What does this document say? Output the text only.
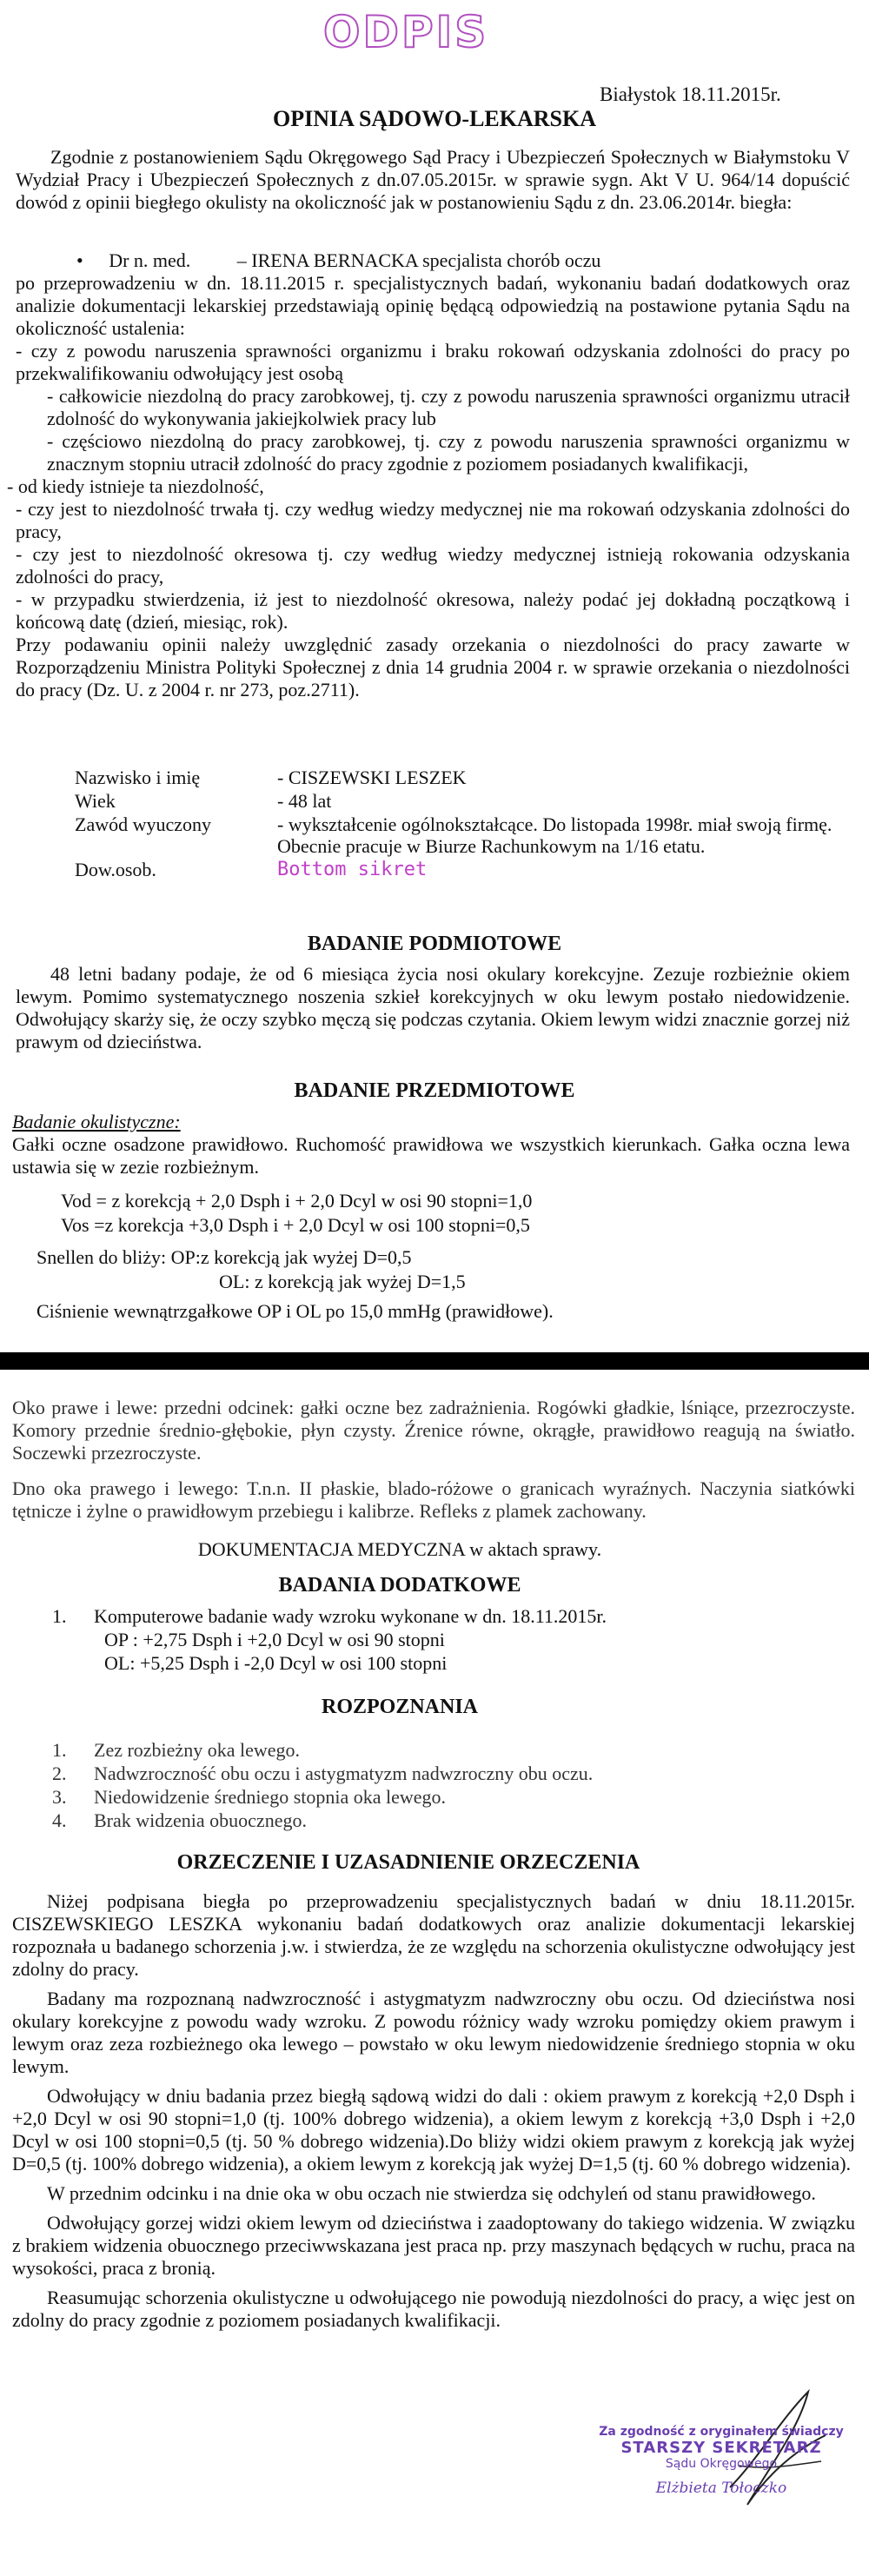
ODPIS
Białystok 18.11.2015r.
OPINIA SĄDOWO-LEKARSKA

Zgodnie z postanowieniem Sądu Okręgowego Sąd Pracy i Ubezpieczeń Społecznych w Białymstoku V Wydział Pracy i Ubezpieczeń Społecznych z dn.07.05.2015r. w sprawie sygn. Akt V U. 964/14 dopuścić dowód z opinii biegłego okulisty na okoliczność jak w postanowieniu Sądu z dn. 23.06.2014r. biegła:

• Dr n. med. – IRENA BERNACKA specjalista chorób oczu

po przeprowadzeniu w dn. 18.11.2015 r. specjalistycznych badań, wykonaniu badań dodatkowych oraz analizie dokumentacji lekarskiej przedstawiają opinię będącą odpowiedzią na postawione pytania Sądu na okoliczność ustalenia:

- czy z powodu naruszenia sprawności organizmu i braku rokowań odzyskania zdolności do pracy po przekwalifikowaniu odwołujący jest osobą

- całkowicie niezdolną do pracy zarobkowej, tj. czy z powodu naruszenia sprawności organizmu utracił zdolność do wykonywania jakiejkolwiek pracy lub

- częściowo niezdolną do pracy zarobkowej, tj. czy z powodu naruszenia sprawności organizmu w znacznym stopniu utracił zdolność do pracy zgodnie z poziomem posiadanych kwalifikacji,

- od kiedy istnieje ta niezdolność,

- czy jest to niezdolność trwała tj. czy według wiedzy medycznej nie ma rokowań odzyskania zdolności do pracy,

- czy jest to niezdolność okresowa tj. czy według wiedzy medycznej istnieją rokowania odzyskania zdolności do pracy,

- w przypadku stwierdzenia, iż jest to niezdolność okresowa, należy podać jej dokładną początkową i końcową datę (dzień, miesiąc, rok).

Przy podawaniu opinii należy uwzględnić zasady orzekania o niezdolności do pracy zawarte w Rozporządzeniu Ministra Polityki Społecznej z dnia 14 grudnia 2004 r. w sprawie orzekania o niezdolności do pracy (Dz. U. z 2004 r. nr 273, poz.2711).

Nazwisko i imię	- CISZEWSKI LESZEK
Wiek	- 48 lat
Zawód wyuczony	- wykształcenie ogólnokształcące. Do listopada 1998r. miał swoją firmę. Obecnie pracuje w Biurze Rachunkowym na 1/16 etatu.
Dow.osob.	Bottom sikret
BADANIE PODMIOTOWE

48 letni badany podaje, że od 6 miesiąca życia nosi okulary korekcyjne. Zezuje rozbieżnie okiem lewym. Pomimo systematycznego noszenia szkieł korekcyjnych w oku lewym postało niedowidzenie. Odwołujący skarży się, że oczy szybko męczą się podczas czytania. Okiem lewym widzi znacznie gorzej niż prawym od dzieciństwa.

BADANIE PRZEDMIOTOWE

Badanie okulistyczne:

Gałki oczne osadzone prawidłowo. Ruchomość prawidłowa we wszystkich kierunkach. Gałka oczna lewa ustawia się w zezie rozbieżnym.

Vod = z korekcją + 2,0 Dsph i + 2,0 Dcyl w osi 90 stopni=1,0

Vos =z korekcja +3,0 Dsph i + 2,0 Dcyl w osi 100 stopni=0,5

Snellen do bliży: OP:z korekcją jak wyżej D=0,5

OL: z korekcją jak wyżej D=1,5

Ciśnienie wewnątrzgałkowe OP i OL po 15,0 mmHg (prawidłowe).

Oko prawe i lewe: przedni odcinek: gałki oczne bez zadrażnienia. Rogówki gładkie, lśniące, przezroczyste. Komory przednie średnio-głębokie, płyn czysty. Źrenice równe, okrągłe, prawidłowo reagują na światło. Soczewki przezroczyste.

Dno oka prawego i lewego: T.n.n. II płaskie, blado-różowe o granicach wyraźnych. Naczynia siatkówki tętnicze i żylne o prawidłowym przebiegu i kalibrze. Refleks z plamek zachowany.

DOKUMENTACJA MEDYCZNA w aktach sprawy.
BADANIA DODATKOWE
1.	Komputerowe badanie wady wzroku wykonane w dn. 18.11.2015r.
OP : +2,75 Dsph i +2,0 Dcyl w osi 90 stopni
OL: +5,25 Dsph i -2,0 Dcyl w osi 100 stopni
ROZPOZNANIA
1.	Zez rozbieżny oka lewego.
2.	Nadwzroczność obu oczu i astygmatyzm nadwzroczny obu oczu.
3.	Niedowidzenie średniego stopnia oka lewego.
4.	Brak widzenia obuocznego.
ORZECZENIE I UZASADNIENIE ORZECZENIA

Niżej podpisana biegła po przeprowadzeniu specjalistycznych badań w dniu 18.11.2015r. CISZEWSKIEGO LESZKA wykonaniu badań dodatkowych oraz analizie dokumentacji lekarskiej rozpoznała u badanego schorzenia j.w. i stwierdza, że ze względu na schorzenia okulistyczne odwołujący jest zdolny do pracy.

Badany ma rozpoznaną nadwzroczność i astygmatyzm nadwzroczny obu oczu. Od dzieciństwa nosi okulary korekcyjne z powodu wady wzroku. Z powodu różnicy wady wzroku pomiędzy okiem prawym i lewym oraz zeza rozbieżnego oka lewego – powstało w oku lewym niedowidzenie średniego stopnia w oku lewym.

Odwołujący w dniu badania przez biegłą sądową widzi do dali : okiem prawym z korekcją +2,0 Dsph i +2,0 Dcyl w osi 90 stopni=1,0 (tj. 100% dobrego widzenia), a okiem lewym z korekcją +3,0 Dsph i +2,0 Dcyl w osi 100 stopni=0,5 (tj. 50 % dobrego widzenia).Do bliży widzi okiem prawym z korekcją jak wyżej D=0,5 (tj. 100% dobrego widzenia), a okiem lewym z korekcją jak wyżej D=1,5 (tj. 60 % dobrego widzenia).

W przednim odcinku i na dnie oka w obu oczach nie stwierdza się odchyleń od stanu prawidłowego.

Odwołujący gorzej widzi okiem lewym od dzieciństwa i zaadoptowany do takiego widzenia. W związku z brakiem widzenia obuocznego przeciwwskazana jest praca np. przy maszynach będących w ruchu, praca na wysokości, praca z bronią.

Reasumując schorzenia okulistyczne u odwołującego nie powodują niezdolności do pracy, a więc jest on zdolny do pracy zgodnie z poziomem posiadanych kwalifikacji.

Za zgodność z oryginałem świadczy
STARSZY SEKRETARZ
Sądu Okręgowego
Elżbieta Tołoczko
